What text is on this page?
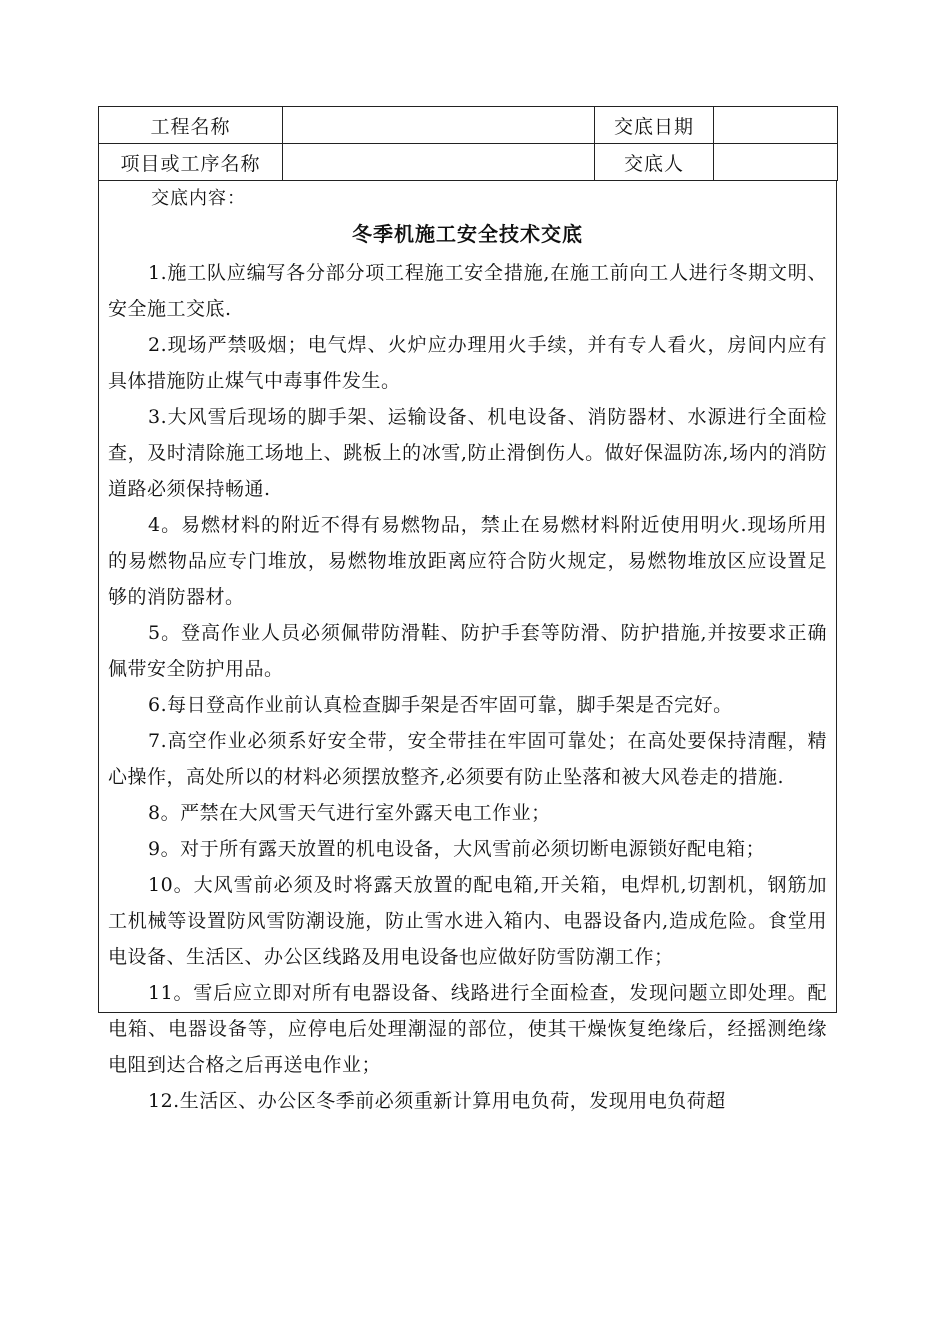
工程名称		交底日期	
项目或工序名称		交底人	
交底内容：
冬季机施工安全技术交底

1.施工队应编写各分部分项工程施工安全措施,在施工前向工人进行冬期文明、安全施工交底.

2.现场严禁吸烟；电气焊、火炉应办理用火手续，并有专人看火，房间内应有具体措施防止煤气中毒事件发生。

3.大风雪后现场的脚手架、运输设备、机电设备、消防器材、水源进行全面检查，及时清除施工场地上、跳板上的冰雪,防止滑倒伤人。做好保温防冻,场内的消防道路必须保持畅通.

4。易燃材料的附近不得有易燃物品，禁止在易燃材料附近使用明火.现场所用的易燃物品应专门堆放，易燃物堆放距离应符合防火规定，易燃物堆放区应设置足够的消防器材。

5。登高作业人员必须佩带防滑鞋、防护手套等防滑、防护措施,并按要求正确佩带安全防护用品。

6.每日登高作业前认真检查脚手架是否牢固可靠，脚手架是否完好。

7.高空作业必须系好安全带，安全带挂在牢固可靠处；在高处要保持清醒，精心操作，高处所以的材料必须摆放整齐,必须要有防止坠落和被大风卷走的措施.

8。严禁在大风雪天气进行室外露天电工作业；

9。对于所有露天放置的机电设备，大风雪前必须切断电源锁好配电箱；

10。大风雪前必须及时将露天放置的配电箱,开关箱，电焊机,切割机，钢筋加工机械等设置防风雪防潮设施，防止雪水进入箱内、电器设备内,造成危险。食堂用电设备、生活区、办公区线路及用电设备也应做好防雪防潮工作；

11。雪后应立即对所有电器设备、线路进行全面检查，发现问题立即处理。配电箱、电器设备等，应停电后处理潮湿的部位，使其干燥恢复绝缘后，经摇测绝缘电阻到达合格之后再送电作业；

12.生活区、办公区冬季前必须重新计算用电负荷，发现用电负荷超
